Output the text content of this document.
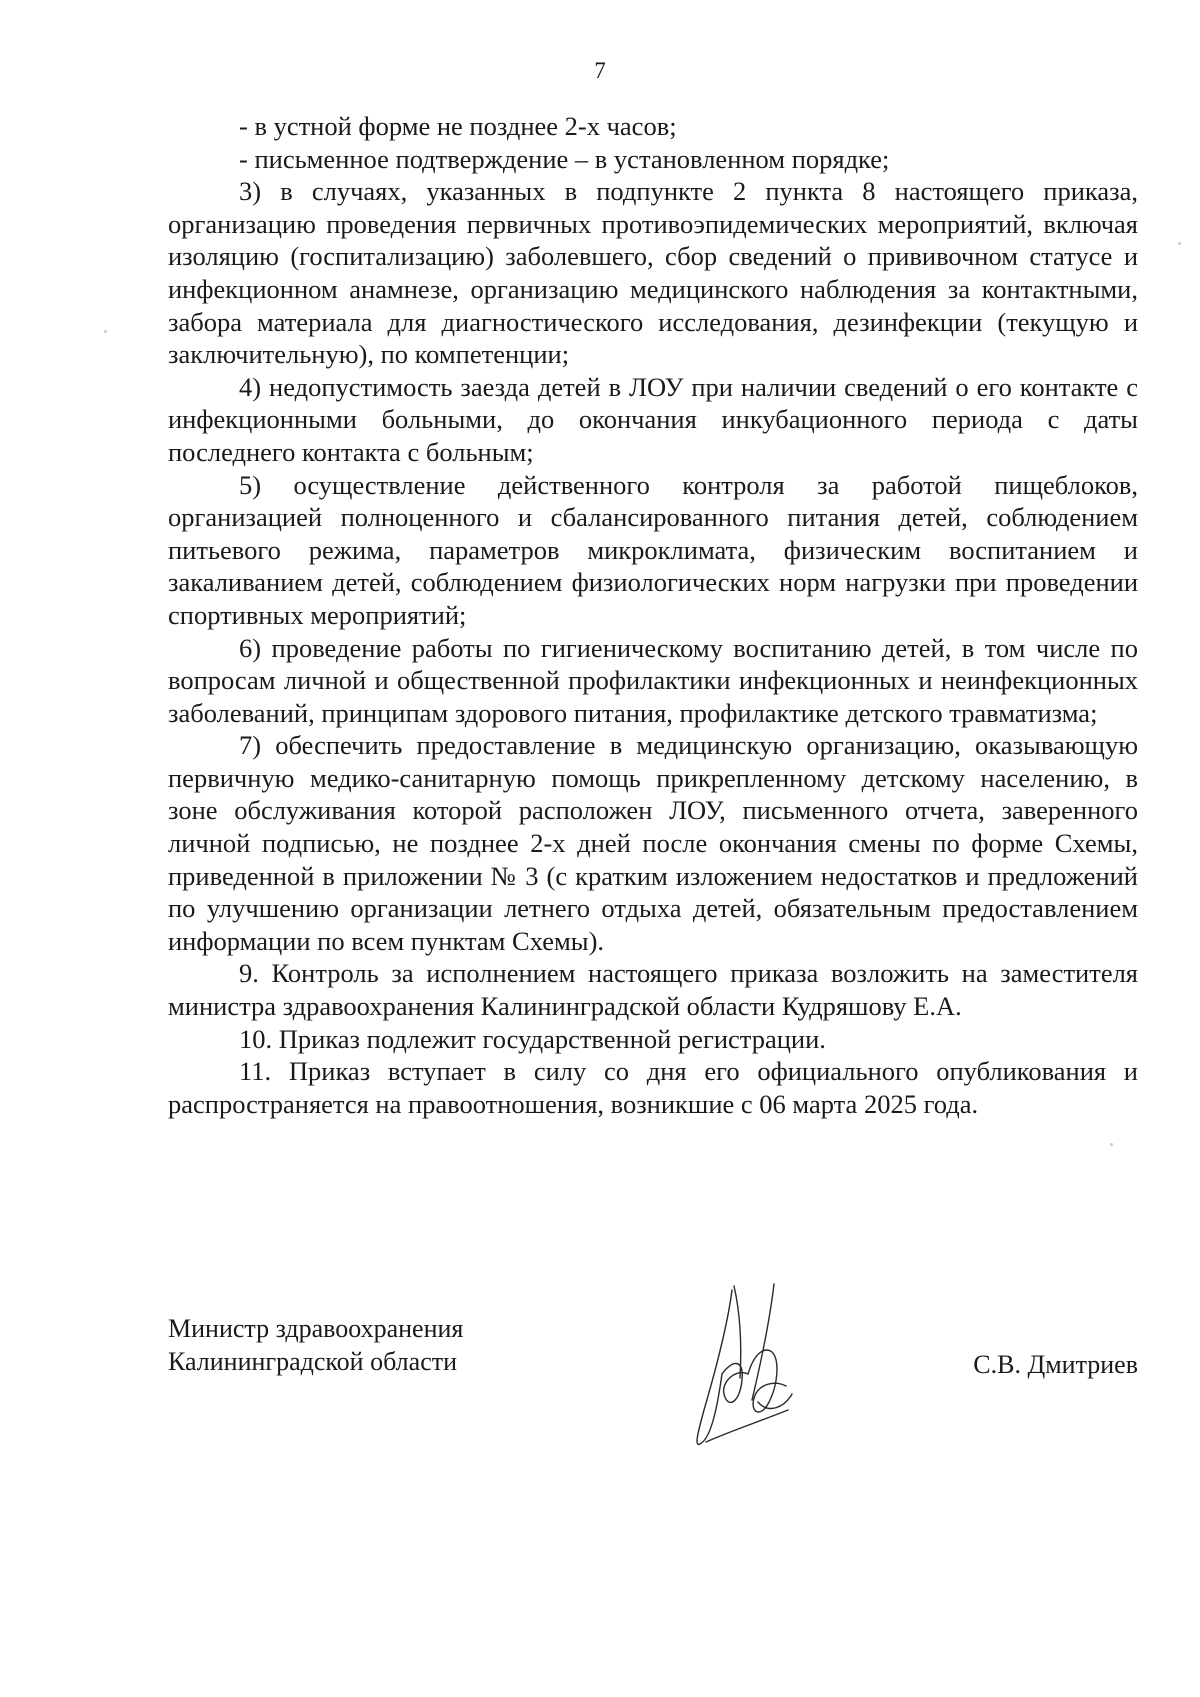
7

- в устной форме не позднее 2-х часов;

- письменное подтверждение – в установленном порядке;

3) в случаях, указанных в подпункте 2 пункта 8 настоящего приказа, организацию проведения первичных противоэпидемических мероприятий, включая изоляцию (госпитализацию) заболевшего, сбор сведений о прививочном статусе и инфекционном анамнезе, организацию медицинского наблюдения за контактными, забора материала для диагностического исследования, дезинфекции (текущую и заключительную), по компетенции;

4) недопустимость заезда детей в ЛОУ при наличии сведений о его контакте с инфекционными больными, до окончания инкубационного периода с даты последнего контакта с больным;

5) осуществление действенного контроля за работой пищеблоков, организацией полноценного и сбалансированного питания детей, соблюдением питьевого режима, параметров микроклимата, физическим воспитанием и закаливанием детей, соблюдением физиологических норм нагрузки при проведении спортивных мероприятий;

6) проведение работы по гигиеническому воспитанию детей, в том числе по вопросам личной и общественной профилактики инфекционных и неинфекционных заболеваний, принципам здорового питания, профилактике детского травматизма;

7) обеспечить предоставление в медицинскую организацию, оказывающую первичную медико-санитарную помощь прикрепленному детскому населению, в зоне обслуживания которой расположен ЛОУ, письменного отчета, заверенного личной подписью, не позднее 2-х дней после окончания смены по форме Схемы, приведенной в приложении № 3 (с кратким изложением недостатков и предложений по улучшению организации летнего отдыха детей, обязательным предоставлением информации по всем пунктам Схемы).

9. Контроль за исполнением настоящего приказа возложить на заместителя министра здравоохранения Калининградской области Кудряшову Е.А.

10. Приказ подлежит государственной регистрации.

11. Приказ вступает в силу со дня его официального опубликования и распространяется на правоотношения, возникшие с 06 марта 2025 года.

Министр здравоохранения
Калининградской области	С.В. Дмитриев
